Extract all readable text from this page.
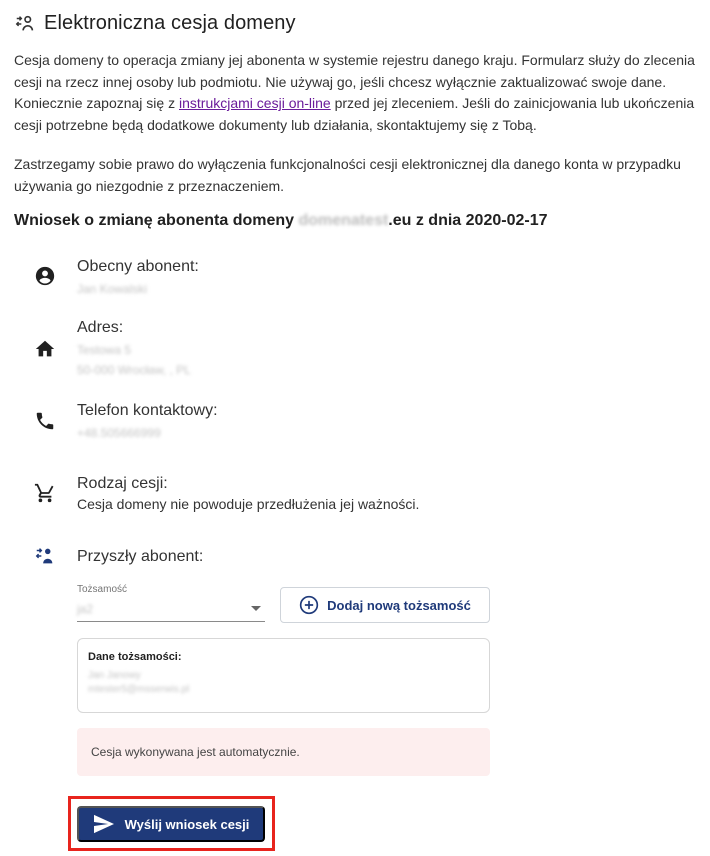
Elektroniczna cesja domeny

Cesja domeny to operacja zmiany jej abonenta w systemie rejestru danego kraju. Formularz służy do zlecenia cesji na rzecz innej osoby lub podmiotu. Nie używaj go, jeśli chcesz wyłącznie zaktualizować swoje dane. Koniecznie zapoznaj się z instrukcjami cesji on-line przed jej zleceniem. Jeśli do zainicjowania lub ukończenia cesji potrzebne będą dodatkowe dokumenty lub działania, skontaktujemy się z Tobą.

Zastrzegamy sobie prawo do wyłączenia funkcjonalności cesji elektronicznej dla danego konta w przypadku używania go niezgodnie z przeznaczeniem.

Wniosek o zmianę abonenta domeny domenatest .eu z dnia 2020-02-17
Obecny abonent:
Jan Kowalski
Adres:
Testowa 5
50-000 Wrocław, , PL
Telefon kontaktowy:
+48.505666999
Rodzaj cesji:
Cesja domeny nie powoduje przedłużenia jej ważności.
Przyszły abonent:
Tożsamość
ja2	Dodaj nową tożsamość
Dane tożsamości:
Jan Janowy
mtester5@msserwis.pl
Cesja wykonywana jest automatycznie.
Wyślij wniosek cesji
